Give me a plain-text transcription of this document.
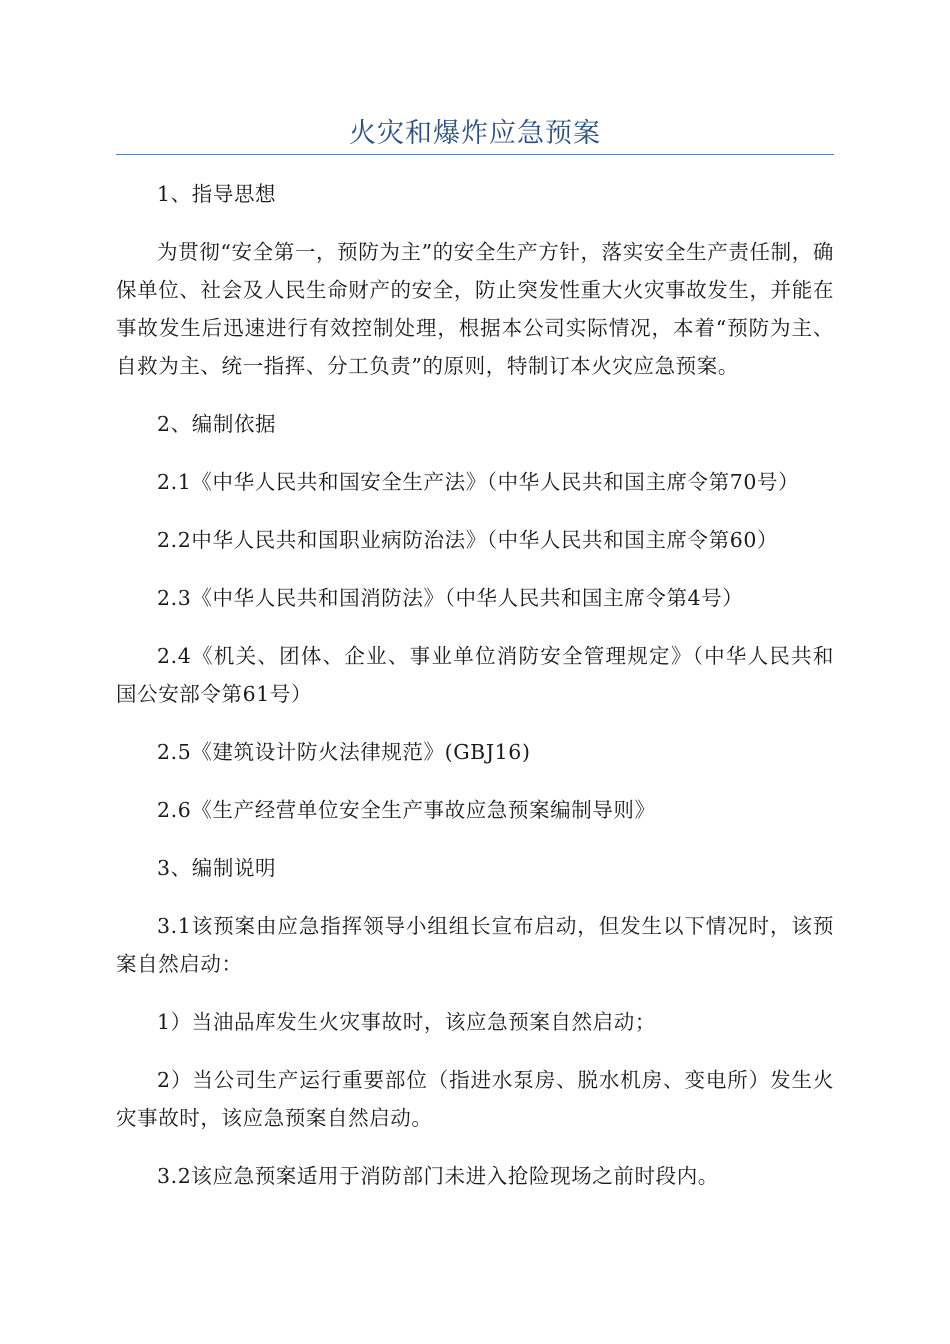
火灾和爆炸应急预案

1、指导思想

为贯彻“安全第一，预防为主”的安全生产方针，落实安全生产责任制，确保单位、社会及人民生命财产的安全，防止突发性重大火灾事故发生，并能在事故发生后迅速进行有效控制处理，根据本公司实际情况，本着“预防为主、自救为主、统一指挥、分工负责”的原则，特制订本火灾应急预案。

2、编制依据

2.1《中华人民共和国安全生产法》（中华人民共和国主席令第70号）

2.2中华人民共和国职业病防治法》（中华人民共和国主席令第60）

2.3《中华人民共和国消防法》（中华人民共和国主席令第4号）

2.4《机关、团体、企业、事业单位消防安全管理规定》（中华人民共和国公安部令第61号）

2.5《建筑设计防火法律规范》(GBJ16)

2.6《生产经营单位安全生产事故应急预案编制导则》

3、编制说明

3.1该预案由应急指挥领导小组组长宣布启动，但发生以下情况时，该预案自然启动：

1）当油品库发生火灾事故时，该应急预案自然启动；

2）当公司生产运行重要部位（指进水泵房、脱水机房、变电所）发生火灾事故时，该应急预案自然启动。

3.2该应急预案适用于消防部门未进入抢险现场之前时段内。
